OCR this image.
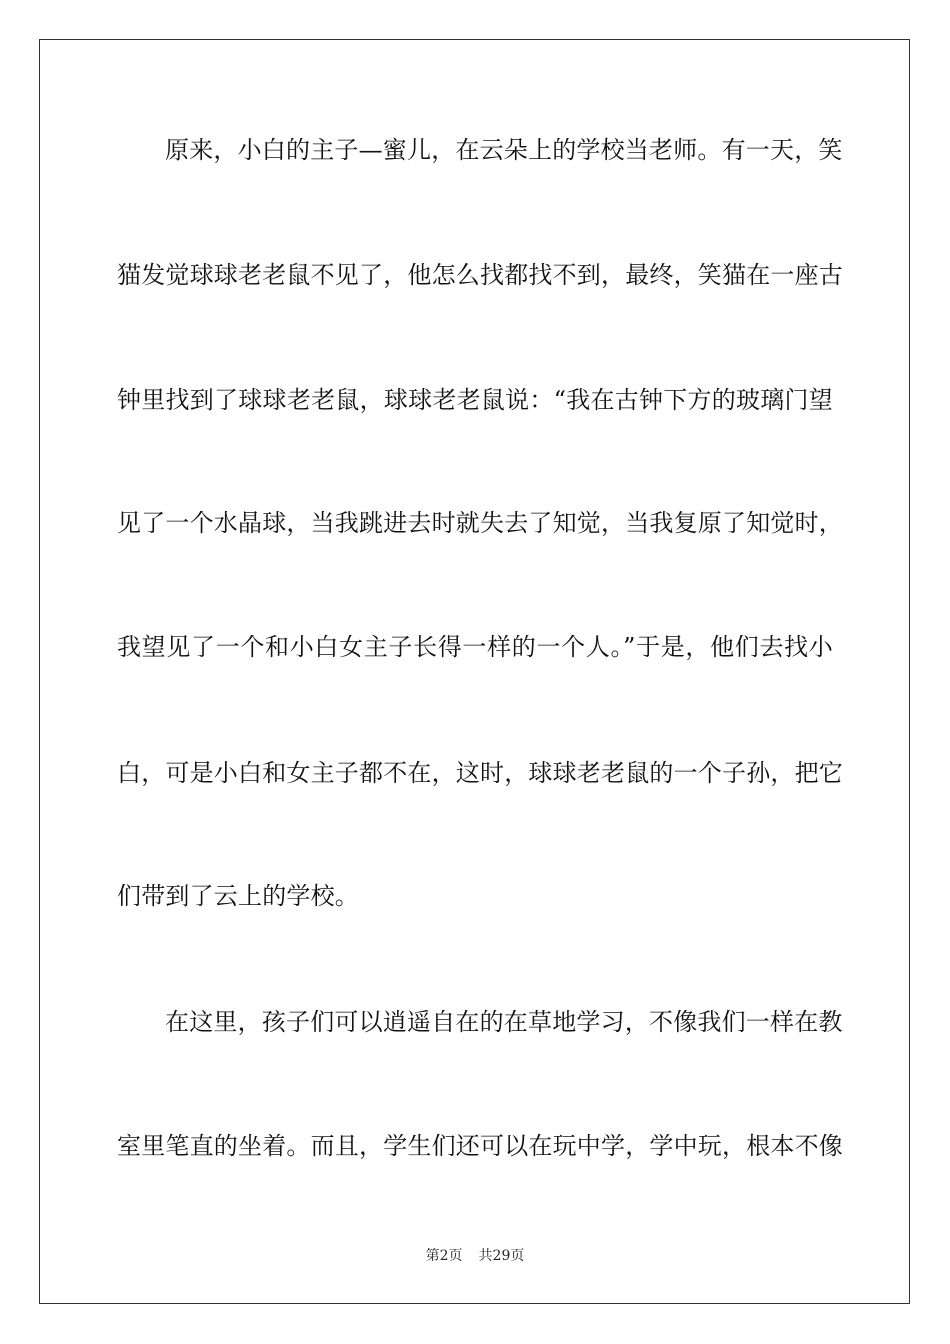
原来，小白的主子—蜜儿，在云朵上的学校当老师。有一天，笑
猫发觉球球老老鼠不见了，他怎么找都找不到，最终，笑猫在一座古
钟里找到了球球老老鼠，球球老老鼠说：“我在古钟下方的玻璃门望
见了一个水晶球，当我跳进去时就失去了知觉，当我复原了知觉时，
我望见了一个和小白女主子长得一样的一个人。”于是，他们去找小
白，可是小白和女主子都不在，这时，球球老老鼠的一个子孙，把它
们带到了云上的学校。
在这里，孩子们可以逍遥自在的在草地学习，不像我们一样在教
室里笔直的坐着。而且，学生们还可以在玩中学，学中玩，根本不像
第2页 共29页
